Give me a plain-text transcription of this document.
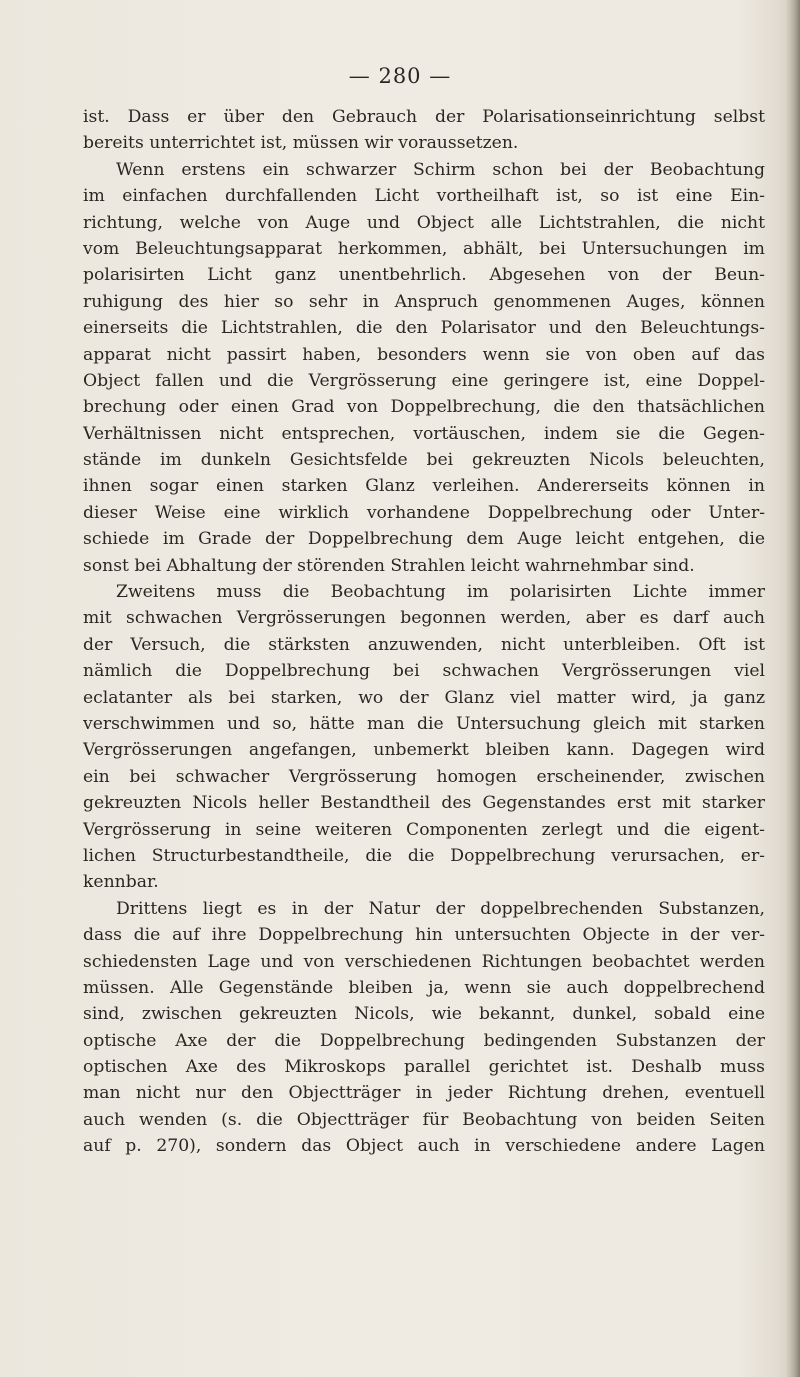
— 280 —
ist. Dass er über den Gebrauch der Polarisationseinrichtung selbst
bereits unterrichtet ist, müssen wir voraussetzen.
Wenn erstens ein schwarzer Schirm schon bei der Beobachtung
im einfachen durchfallenden Licht vortheilhaft ist, so ist eine Ein-
richtung, welche von Auge und Object alle Lichtstrahlen, die nicht
vom Beleuchtungsapparat herkommen, abhält, bei Untersuchungen im
polarisirten Licht ganz unentbehrlich. Abgesehen von der Beun-
ruhigung des hier so sehr in Anspruch genommenen Auges, können
einerseits die Lichtstrahlen, die den Polarisator und den Beleuchtungs-
apparat nicht passirt haben, besonders wenn sie von oben auf das
Object fallen und die Vergrösserung eine geringere ist, eine Doppel-
brechung oder einen Grad von Doppelbrechung, die den thatsächlichen
Verhältnissen nicht entsprechen, vortäuschen, indem sie die Gegen-
stände im dunkeln Gesichtsfelde bei gekreuzten Nicols beleuchten,
ihnen sogar einen starken Glanz verleihen. Andererseits können in
dieser Weise eine wirklich vorhandene Doppelbrechung oder Unter-
schiede im Grade der Doppelbrechung dem Auge leicht entgehen, die
sonst bei Abhaltung der störenden Strahlen leicht wahrnehmbar sind.
Zweitens muss die Beobachtung im polarisirten Lichte immer
mit schwachen Vergrösserungen begonnen werden, aber es darf auch
der Versuch, die stärksten anzuwenden, nicht unterbleiben. Oft ist
nämlich die Doppelbrechung bei schwachen Vergrösserungen viel
eclatanter als bei starken, wo der Glanz viel matter wird, ja ganz
verschwimmen und so, hätte man die Untersuchung gleich mit starken
Vergrösserungen angefangen, unbemerkt bleiben kann. Dagegen wird
ein bei schwacher Vergrösserung homogen erscheinender, zwischen
gekreuzten Nicols heller Bestandtheil des Gegenstandes erst mit starker
Vergrösserung in seine weiteren Componenten zerlegt und die eigent-
lichen Structurbestandtheile, die die Doppelbrechung verursachen, er-
kennbar.
Drittens liegt es in der Natur der doppelbrechenden Substanzen,
dass die auf ihre Doppelbrechung hin untersuchten Objecte in der ver-
schiedensten Lage und von verschiedenen Richtungen beobachtet werden
müssen. Alle Gegenstände bleiben ja, wenn sie auch doppelbrechend
sind, zwischen gekreuzten Nicols, wie bekannt, dunkel, sobald eine
optische Axe der die Doppelbrechung bedingenden Substanzen der
optischen Axe des Mikroskops parallel gerichtet ist. Deshalb muss
man nicht nur den Objectträger in jeder Richtung drehen, eventuell
auch wenden (s. die Objectträger für Beobachtung von beiden Seiten
auf p. 270), sondern das Object auch in verschiedene andere Lagen
